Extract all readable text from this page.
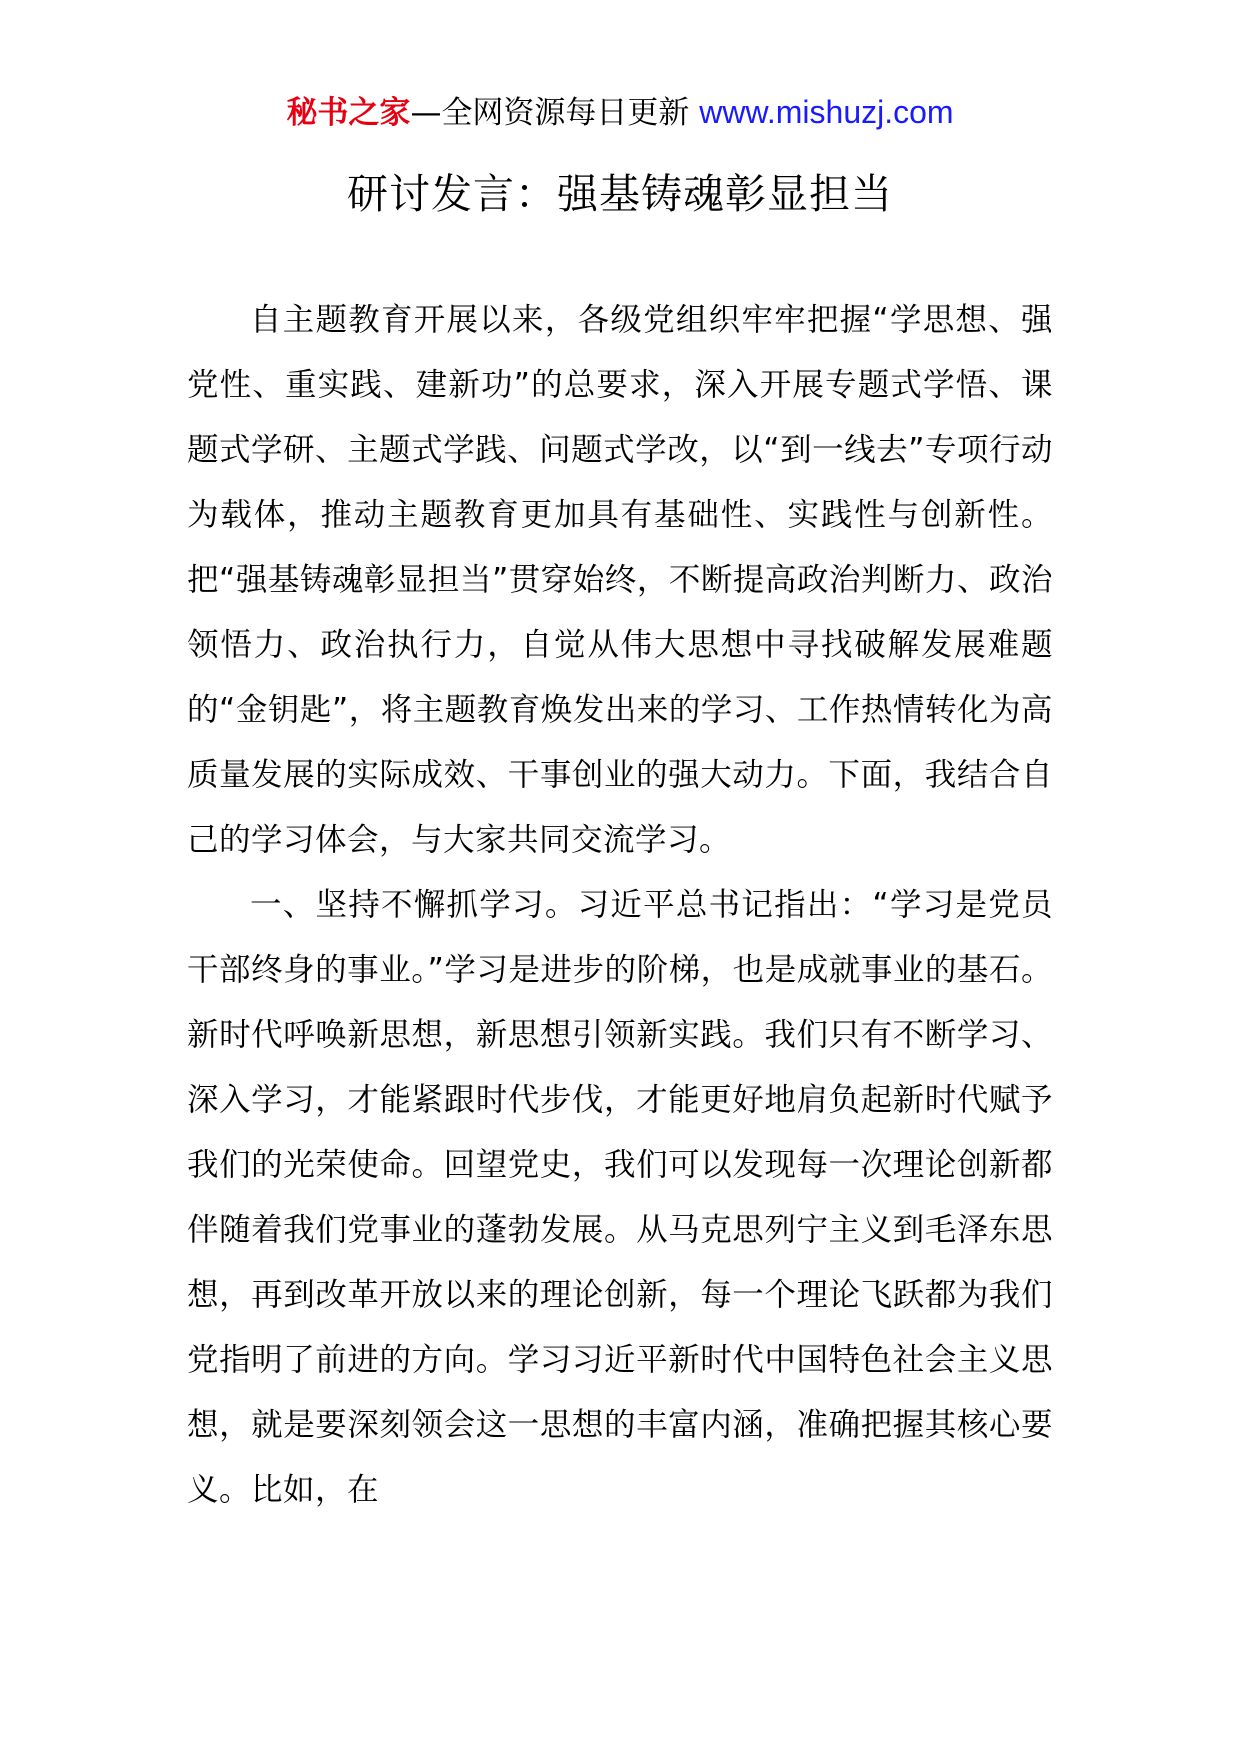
秘书之家—全网资源每日更新 www.mishuzj.com
研讨发言：强基铸魂彰显担当

自主题教育开展以来，各级党组织牢牢把握“学思想、强党性、重实践、建新功”的总要求，深入开展专题式学悟、课题式学研、主题式学践、问题式学改，以“到一线去”专项行动为载体，推动主题教育更加具有基础性、实践性与创新性。把“强基铸魂彰显担当”贯穿始终，不断提高政治判断力、政治领悟力、政治执行力，自觉从伟大思想中寻找破解发展难题的“金钥匙”，将主题教育焕发出来的学习、工作热情转化为高质量发展的实际成效、干事创业的强大动力。下面，我结合自己的学习体会，与大家共同交流学习。

一、坚持不懈抓学习。习近平总书记指出：“学习是党员干部终身的事业。”学习是进步的阶梯，也是成就事业的基石。新时代呼唤新思想，新思想引领新实践。我们只有不断学习、深入学习，才能紧跟时代步伐，才能更好地肩负起新时代赋予我们的光荣使命。回望党史，我们可以发现每一次理论创新都伴随着我们党事业的蓬勃发展。从马克思列宁主义到毛泽东思想，再到改革开放以来的理论创新，每一个理论飞跃都为我们党指明了前进的方向。学习习近平新时代中国特色社会主义思想，就是要深刻领会这一思想的丰富内涵，准确把握其核心要义。比如，在
